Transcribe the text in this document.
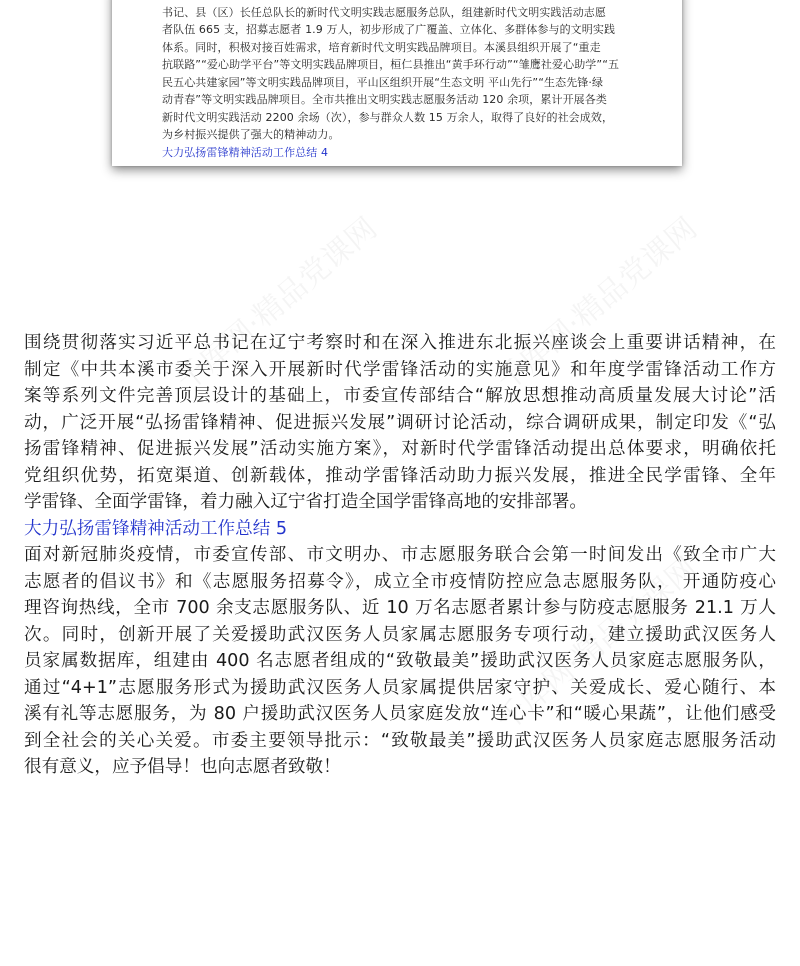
书记、县（区）长任总队长的新时代文明实践志愿服务总队，组建新时代文明实践活动志愿
者队伍 665 支，招募志愿者 1.9 万人，初步形成了广覆盖、立体化、多群体参与的文明实践
体系。同时，积极对接百姓需求，培育新时代文明实践品牌项目。本溪县组织开展了“重走
抗联路”“爱心助学平台”等文明实践品牌项目，桓仁县推出“黄手环行动”“雏鹰社爱心助学”“五
民五心共建家园”等文明实践品牌项目，平山区组织开展“生态文明 平山先行”“生态先锋·绿
动青春”等文明实践品牌项目。全市共推出文明实践志愿服务活动 120 余项，累计开展各类
新时代文明实践活动 2200 余场（次），参与群众人数 15 万余人，取得了良好的社会成效，
为乡村振兴提供了强大的精神动力。
大力弘扬雷锋精神活动工作总结 4

围绕贯彻落实习近平总书记在辽宁考察时和在深入推进东北振兴座谈会上重要讲话精神，在
制定《中共本溪市委关于深入开展新时代学雷锋活动的实施意见》和年度学雷锋活动工作方
案等系列文件完善顶层设计的基础上，市委宣传部结合“解放思想推动高质量发展大讨论”活
动，广泛开展“弘扬雷锋精神、促进振兴发展”调研讨论活动，综合调研成果，制定印发《“弘
扬雷锋精神、促进振兴发展”活动实施方案》，对新时代学雷锋活动提出总体要求，明确依托
党组织优势，拓宽渠道、创新载体，推动学雷锋活动助力振兴发展，推进全民学雷锋、全年
学雷锋、全面学雷锋，着力融入辽宁省打造全国学雷锋高地的安排部署。

大力弘扬雷锋精神活动工作总结 5

面对新冠肺炎疫情，市委宣传部、市文明办、市志愿服务联合会第一时间发出《致全市广大
志愿者的倡议书》和《志愿服务招募令》，成立全市疫情防控应急志愿服务队， 开通防疫心
理咨询热线，全市 700 余支志愿服务队、近 10 万名志愿者累计参与防疫志愿服务 21.1 万人
次。同时，创新开展了关爱援助武汉医务人员家属志愿服务专项行动，建立援助武汉医务人
员家属数据库，组建由 400 名志愿者组成的“致敬最美”援助武汉医务人员家庭志愿服务队，
通过“4+1”志愿服务形式为援助武汉医务人员家属提供居家守护、关爱成长、爱心随行、本
溪有礼等志愿服务，为 80 户援助武汉医务人员家庭发放“连心卡”和“暖心果蔬”，让他们感受
到全社会的关心关爱。市委主要领导批示：“致敬最美”援助武汉医务人员家庭志愿服务活动
很有意义，应予倡导！也向志愿者致敬！
